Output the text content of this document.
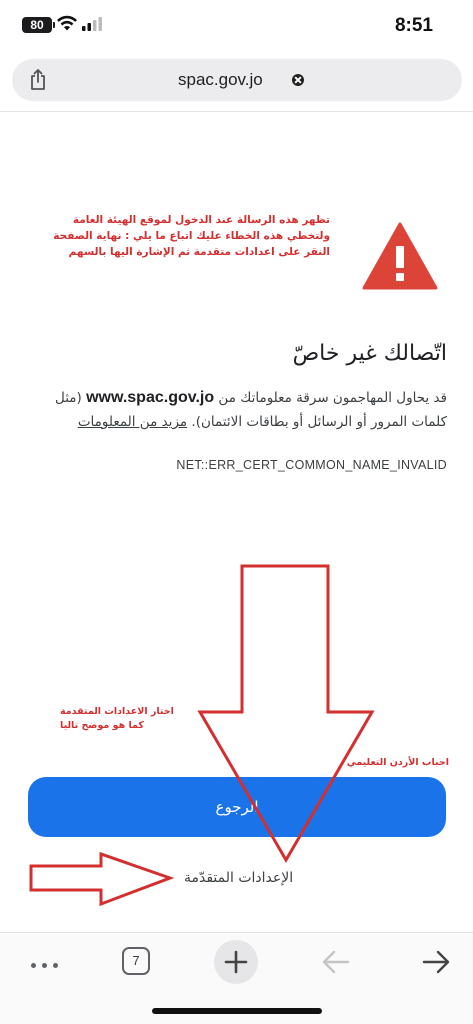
80	8:51
spac.gov.jo
تظهر هذه الرسالة عند الدخول لموقع الهيئة العامة
ولتخطي هذه الخطاء عليك اتباع ما يلي : نهاية الصفحة
النقر على اعدادات متقدمة ثم الإشارة اليها بالسهم
اتّصالك غير خاصّ

قد يحاول المهاجمون سرقة معلوماتك من www.spac.gov.jo (مثل كلمات المرور أو الرسائل أو بطاقات الائتمان). مزيد من المعلومات

NET::ERR_CERT_COMMON_NAME_INVALID
اختار الاعدادات المتقدمة
كما هو موضح تاليا
احباب الأردن التعليمي
الرجوع
الإعدادات المتقدّمة
7
